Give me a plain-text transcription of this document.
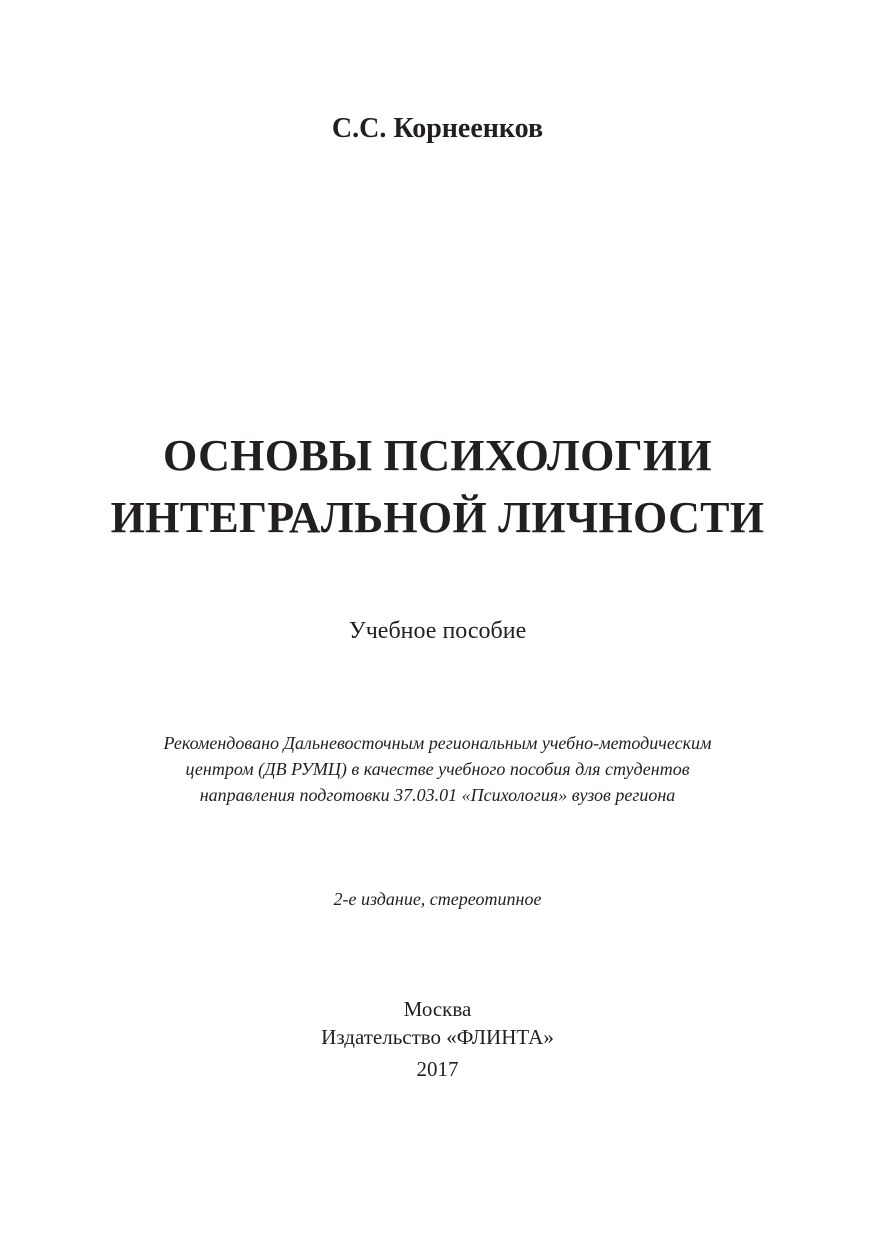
С.С. Корнеенков

ОСНОВЫ ПСИХОЛОГИИ

ИНТЕГРАЛЬНОЙ ЛИЧНОСТИ

Учебное пособие

Рекомендовано Дальневосточным региональным учебно-методическим

центром (ДВ РУМЦ) в качестве учебного пособия для студентов

направления подготовки 37.03.01 «Психология» вузов региона

2-е издание, стереотипное

Москва

Издательство «ФЛИНТА»

2017
